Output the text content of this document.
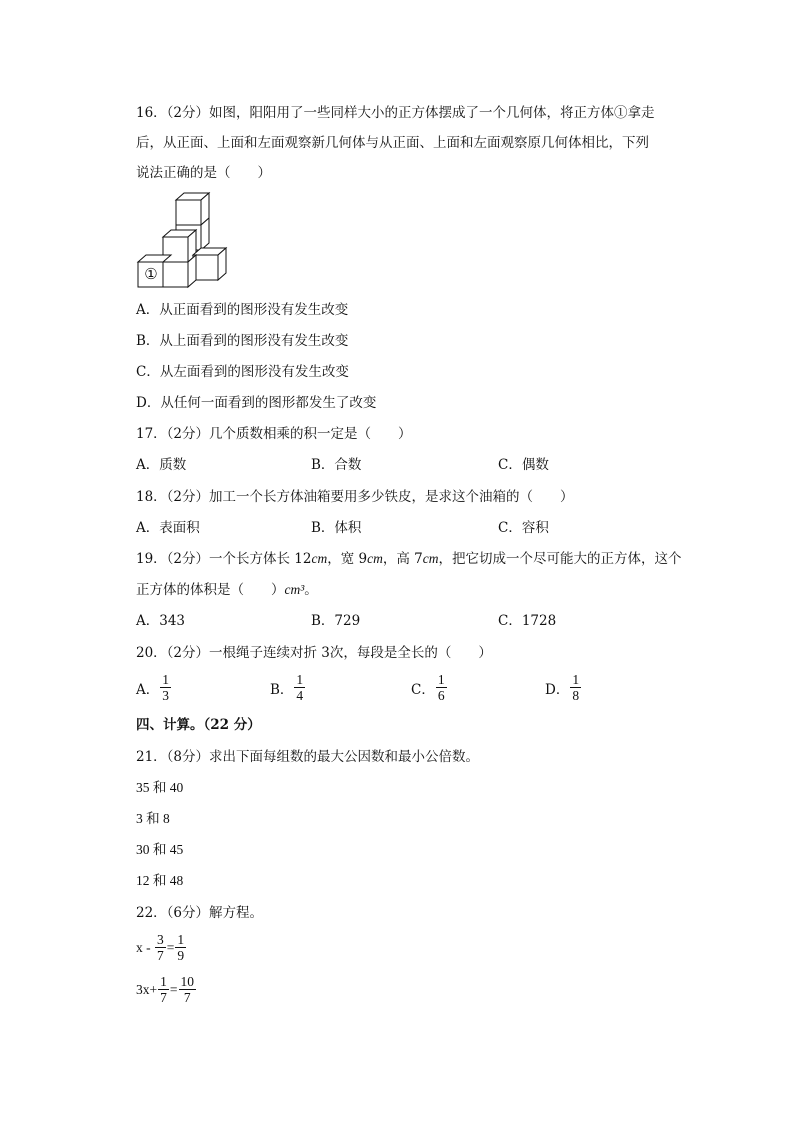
16．（2分）如图，阳阳用了一些同样大小的正方体摆成了一个几何体，将正方体①拿走
后，从正面、上面和左面观察新几何体与从正面、上面和左面观察原几何体相比，下列
说法正确的是（　　）
①
A．从正面看到的图形没有发生改变
B．从上面看到的图形没有发生改变
C．从左面看到的图形没有发生改变
D．从任何一面看到的图形都发生了改变
17．（2分）几个质数相乘的积一定是（　　）
A．质数	B．合数	C．偶数
18．（2分）加工一个长方体油箱要用多少铁皮，是求这个油箱的（　　）
A．表面积	B．体积	C．容积
19．（2分）一个长方体长 12cm，宽 9cm，高 7cm，把它切成一个尽可能大的正方体，这个
正方体的体积是（　　）cm³。
A．343	B．729	C．1728
20．（2分）一根绳子连续对折 3次，每段是全长的（　　）
A． $\frac{1}{3}$	B． $\frac{1}{4}$	C． $\frac{1}{6}$	D． $\frac{1}{8}$
四、计算。（22 分）
21．（8分）求出下面每组数的最大公因数和最小公倍数。
35 和 40
3 和 8
30 和 45
12 和 48
22．（6分）解方程。
$x - \frac{3}{7} = \frac{1}{9}$
$3x+ \frac{1}{7} = \frac{10}{7}$
